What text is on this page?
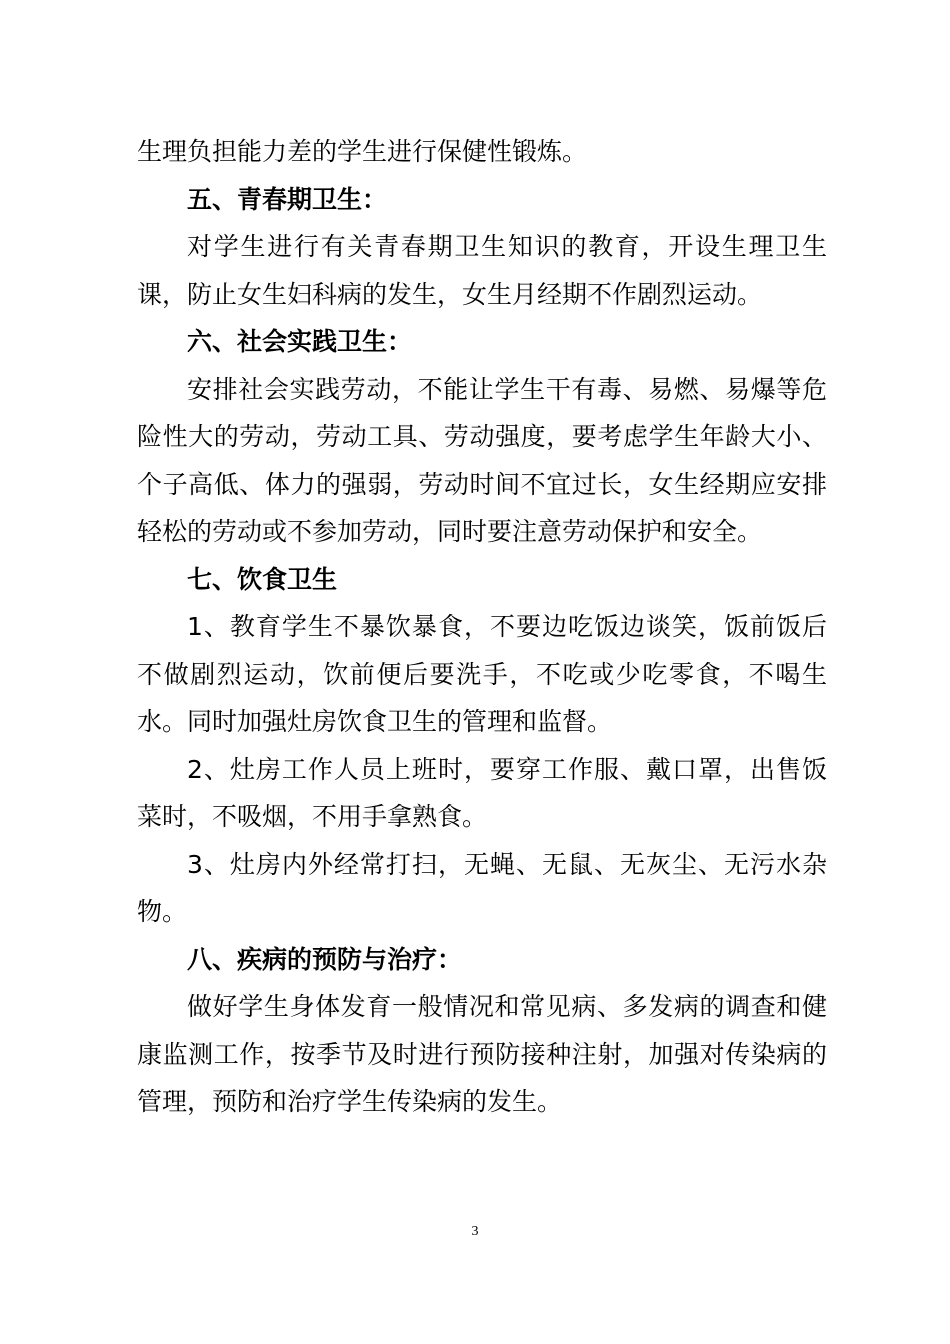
生理负担能力差的学生进行保健性锻炼。

五、青春期卫生：

对学生进行有关青春期卫生知识的教育，开设生理卫生课，防止女生妇科病的发生，女生月经期不作剧烈运动。

六、社会实践卫生：

安排社会实践劳动，不能让学生干有毒、易燃、易爆等危险性大的劳动，劳动工具、劳动强度，要考虑学生年龄大小、个子高低、体力的强弱，劳动时间不宜过长，女生经期应安排轻松的劳动或不参加劳动，同时要注意劳动保护和安全。

七、饮食卫生

1、教育学生不暴饮暴食，不要边吃饭边谈笑，饭前饭后不做剧烈运动，饮前便后要洗手，不吃或少吃零食，不喝生水。同时加强灶房饮食卫生的管理和监督。

2、灶房工作人员上班时，要穿工作服、戴口罩，出售饭菜时，不吸烟，不用手拿熟食。

3、灶房内外经常打扫，无蝇、无鼠、无灰尘、无污水杂物。

八、疾病的预防与治疗：

做好学生身体发育一般情况和常见病、多发病的调查和健康监测工作，按季节及时进行预防接种注射，加强对传染病的管理，预防和治疗学生传染病的发生。

3
